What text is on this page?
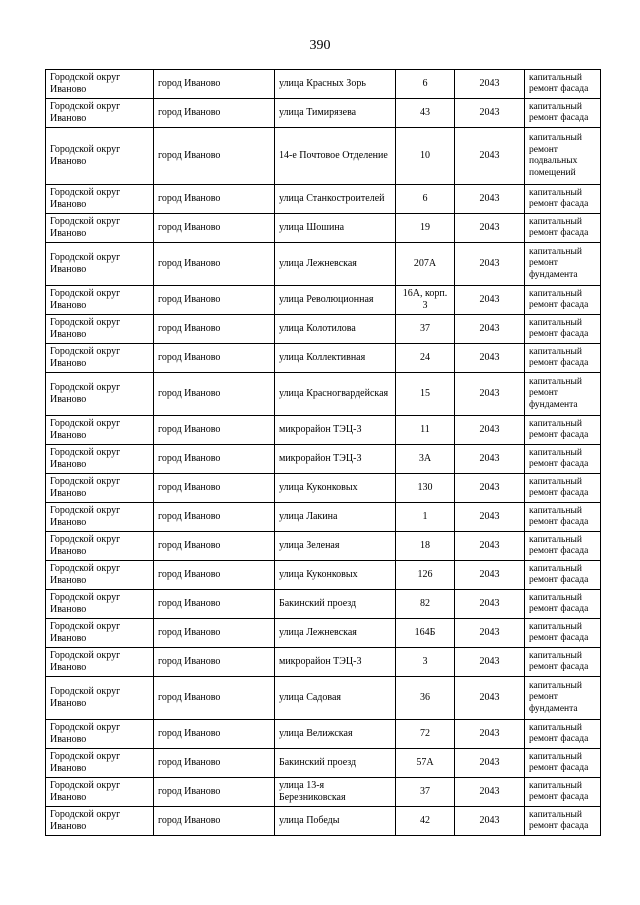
390
Городской округ Иваново	город Иваново	улица Красных Зорь	6	2043	капитальный ремонт фасада
Городской округ Иваново	город Иваново	улица Тимирязева	43	2043	капитальный ремонт фасада
Городской округ Иваново	город Иваново	14-е Почтовое Отделение	10	2043	капитальный ремонт подвальных помещений
Городской округ Иваново	город Иваново	улица Станкостроителей	6	2043	капитальный ремонт фасада
Городской округ Иваново	город Иваново	улица Шошина	19	2043	капитальный ремонт фасада
Городской округ Иваново	город Иваново	улица Лежневская	207А	2043	капитальный ремонт фундамента
Городской округ Иваново	город Иваново	улица Революционная	16А, корп. 3	2043	капитальный ремонт фасада
Городской округ Иваново	город Иваново	улица Колотилова	37	2043	капитальный ремонт фасада
Городской округ Иваново	город Иваново	улица Коллективная	24	2043	капитальный ремонт фасада
Городской округ Иваново	город Иваново	улица Красногвардейская	15	2043	капитальный ремонт фундамента
Городской округ Иваново	город Иваново	микрорайон ТЭЦ-3	11	2043	капитальный ремонт фасада
Городской округ Иваново	город Иваново	микрорайон ТЭЦ-3	3А	2043	капитальный ремонт фасада
Городской округ Иваново	город Иваново	улица Куконковых	130	2043	капитальный ремонт фасада
Городской округ Иваново	город Иваново	улица Лакина	1	2043	капитальный ремонт фасада
Городской округ Иваново	город Иваново	улица Зеленая	18	2043	капитальный ремонт фасада
Городской округ Иваново	город Иваново	улица Куконковых	126	2043	капитальный ремонт фасада
Городской округ Иваново	город Иваново	Бакинский проезд	82	2043	капитальный ремонт фасада
Городской округ Иваново	город Иваново	улица Лежневская	164Б	2043	капитальный ремонт фасада
Городской округ Иваново	город Иваново	микрорайон ТЭЦ-3	3	2043	капитальный ремонт фасада
Городской округ Иваново	город Иваново	улица Садовая	36	2043	капитальный ремонт фундамента
Городской округ Иваново	город Иваново	улица Велижская	72	2043	капитальный ремонт фасада
Городской округ Иваново	город Иваново	Бакинский проезд	57А	2043	капитальный ремонт фасада
Городской округ Иваново	город Иваново	улица 13-я Березниковская	37	2043	капитальный ремонт фасада
Городской округ Иваново	город Иваново	улица Победы	42	2043	капитальный ремонт фасада
